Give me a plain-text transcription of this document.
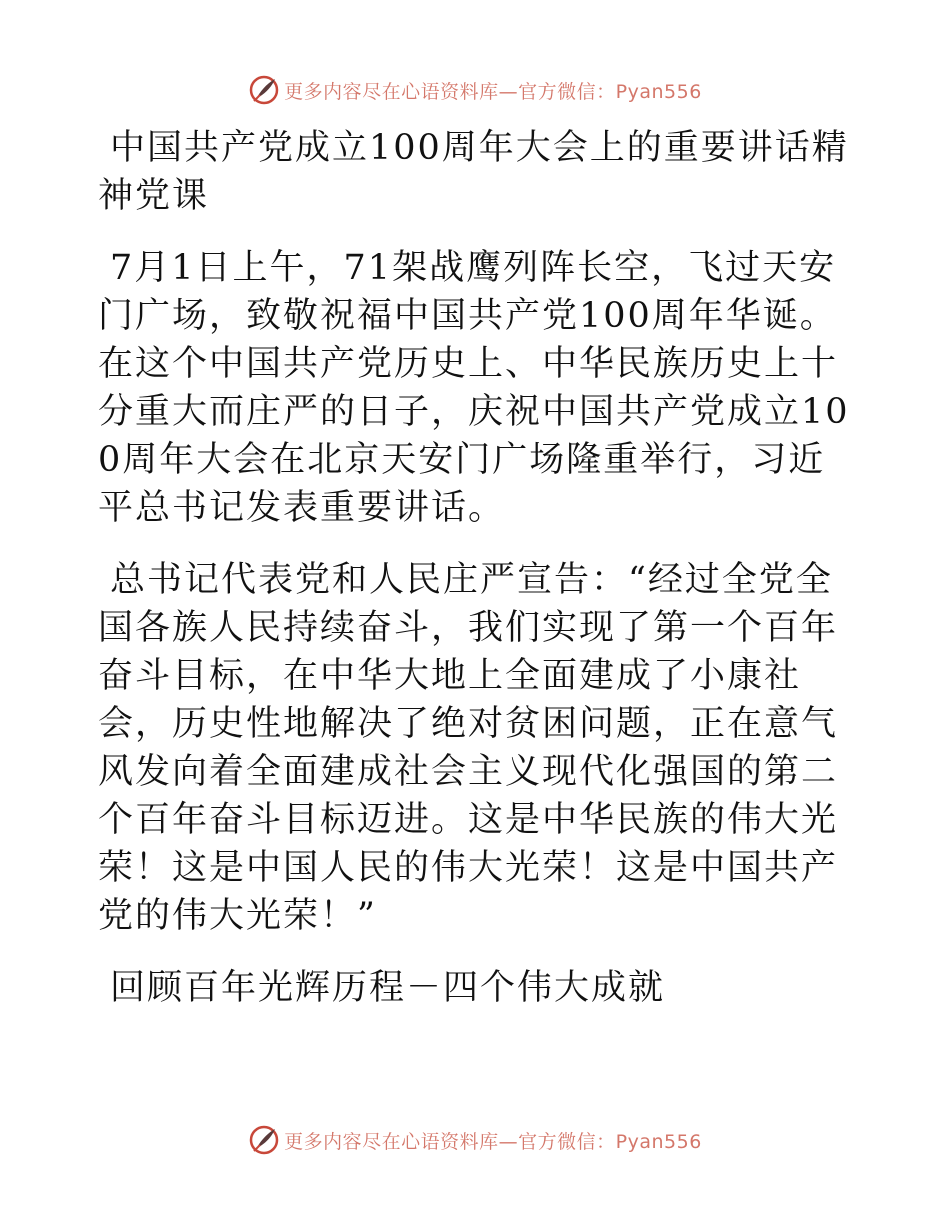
更多内容尽在心语资料库—官方微信：Pyan556

中国共产党成立100周年大会上的重要讲话精神党课

7月1日上午，71架战鹰列阵长空，飞过天安门广场，致敬祝福中国共产党100周年华诞。在这个中国共产党历史上、中华民族历史上十分重大而庄严的日子，庆祝中国共产党成立100周年大会在北京天安门广场隆重举行，习近平总书记发表重要讲话。

总书记代表党和人民庄严宣告：“经过全党全国各族人民持续奋斗，我们实现了第一个百年奋斗目标，在中华大地上全面建成了小康社会，历史性地解决了绝对贫困问题，正在意气风发向着全面建成社会主义现代化强国的第二个百年奋斗目标迈进。这是中华民族的伟大光荣！这是中国人民的伟大光荣！这是中国共产党的伟大光荣！”

回顾百年光辉历程－四个伟大成就

更多内容尽在心语资料库—官方微信：Pyan556
